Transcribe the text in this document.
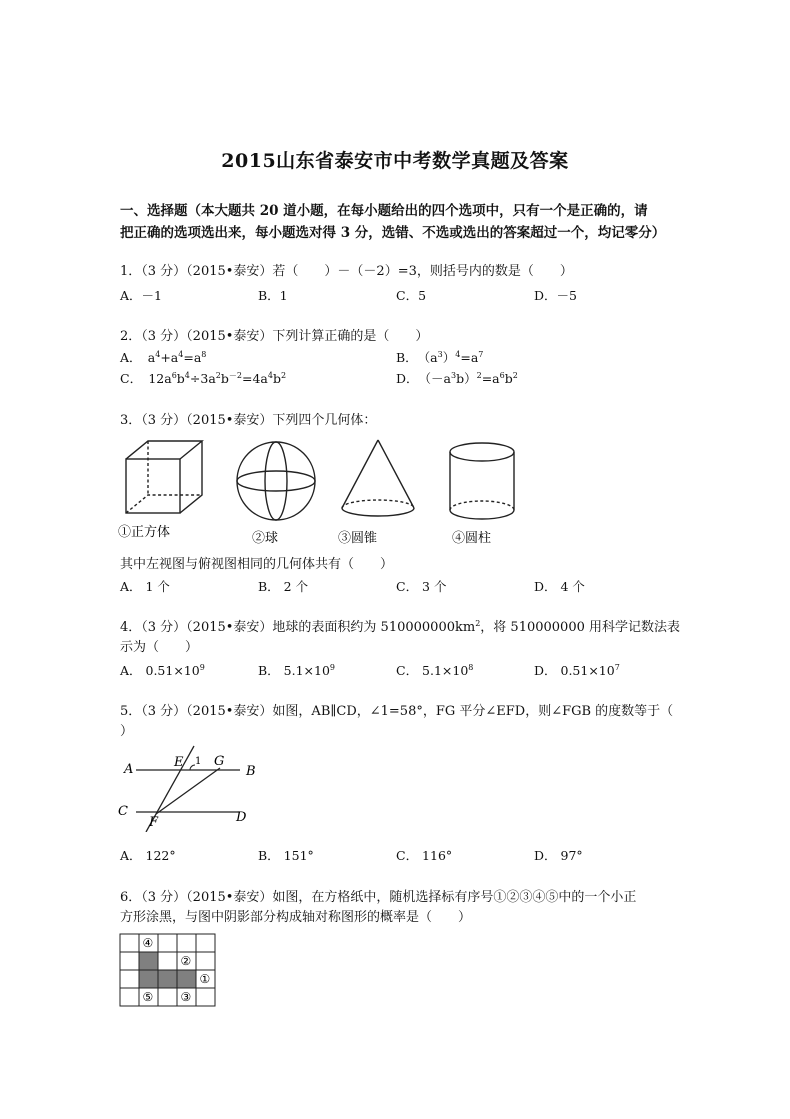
2015山东省泰安市中考数学真题及答案
一、选择题（本大题共 20 道小题，在每小题给出的四个选项中，只有一个是正确的，请
把正确的选项选出来，每小题选对得 3 分，选错、不选或选出的答案超过一个，均记零分）
1．（3 分）（2015•泰安）若（　　）－（－2）=3，则括号内的数是（　　）
A．－1	B．1	C．5	D．－5
2．（3 分）（2015•泰安）下列计算正确的是（　　）
A．　$a^4+a^4=a^8$	B．　$(a^3)^4=a^7$
C．　$12a^6b^4\div 3a^2b^{-2}=4a^4b^2$	D．　$(-a^3b)^2=a^6b^2$
3．（3 分）（2015•泰安）下列四个几何体：
①正方体	②球	③圆锥	④圆柱
其中左视图与俯视图相同的几何体共有（　　）
A． 1 个	B． 2 个	C． 3 个	D． 4 个
4．（3 分）（2015•泰安）地球的表面积约为 $510000000km^2$，将 510000000 用科学记数法表
示为（　　）
A． $0.51\times 10^9$	B． $5.1\times 10^9$	C． $5.1\times 10^8$	D． $0.51\times 10^7$
5．（3 分）（2015•泰安）如图，AB∥CD，∠1=58°，FG 平分∠EFD，则∠FGB 的度数等于（
）
A	B
C	D
E
F
G
1
A． 122°	B． 151°	C． 116°	D． 97°
6．（3 分）（2015•泰安）如图，在方格纸中，随机选择标有序号①②③④⑤中的一个小正
方形涂黑，与图中阴影部分构成轴对称图形的概率是（　　）
④
②
①
⑤ ③
